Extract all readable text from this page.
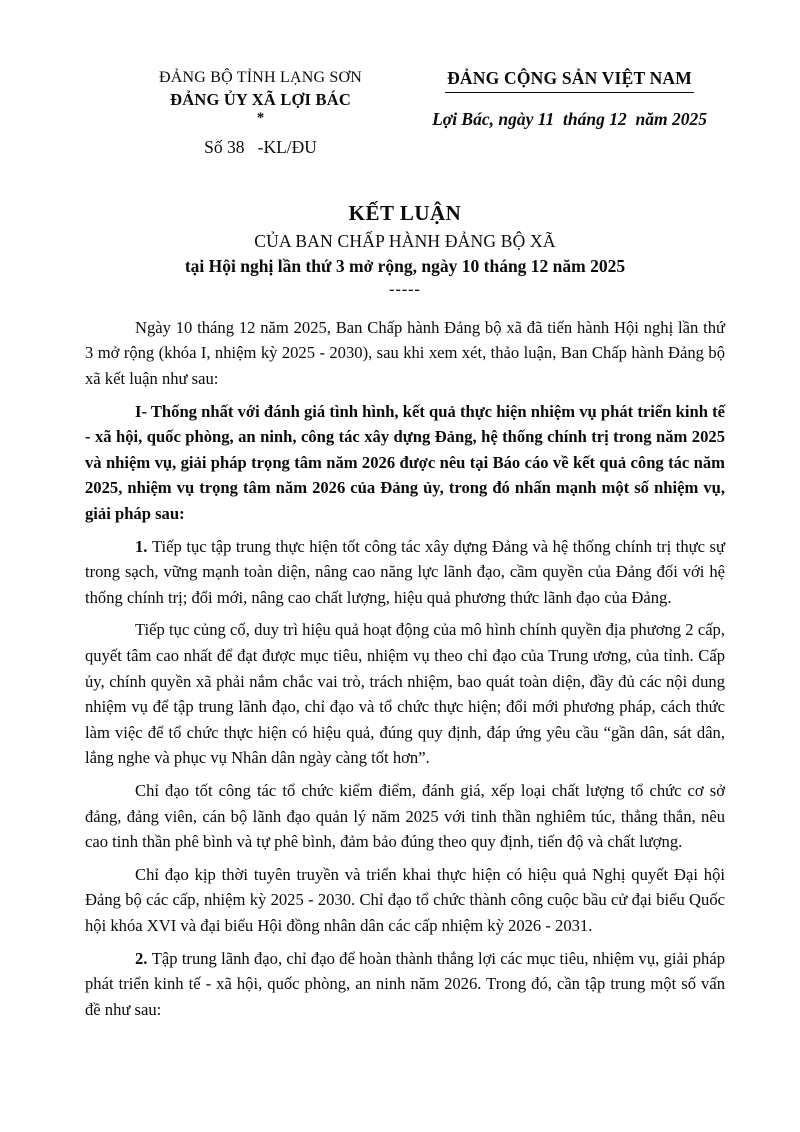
ĐẢNG BỘ TỈNH LẠNG SƠN
ĐẢNG ỦY XÃ LỢI BÁC
*
Số 38   -KL/ĐU
ĐẢNG CỘNG SẢN VIỆT NAM
Lợi Bác, ngày 11  tháng 12  năm 2025
KẾT LUẬN
CỦA BAN CHẤP HÀNH ĐẢNG BỘ XÃ
tại Hội nghị lần thứ 3 mở rộng, ngày 10 tháng 12 năm 2025
-----

Ngày 10 tháng 12 năm 2025, Ban Chấp hành Đảng bộ xã đã tiến hành Hội nghị lần thứ 3 mở rộng (khóa I, nhiệm kỳ 2025 - 2030), sau khi xem xét, thảo luận, Ban Chấp hành Đảng bộ xã kết luận như sau:

I- Thống nhất với đánh giá tình hình, kết quả thực hiện nhiệm vụ phát triển kinh tế - xã hội, quốc phòng, an ninh, công tác xây dựng Đảng, hệ thống chính trị trong năm 2025 và nhiệm vụ, giải pháp trọng tâm năm 2026 được nêu tại Báo cáo về kết quả công tác năm 2025, nhiệm vụ trọng tâm năm 2026 của Đảng ủy, trong đó nhấn mạnh một số nhiệm vụ, giải pháp sau:

1. Tiếp tục tập trung thực hiện tốt công tác xây dựng Đảng và hệ thống chính trị thực sự trong sạch, vững mạnh toàn diện, nâng cao năng lực lãnh đạo, cầm quyền của Đảng đối với hệ thống chính trị; đổi mới, nâng cao chất lượng, hiệu quả phương thức lãnh đạo của Đảng.

Tiếp tục củng cố, duy trì hiệu quả hoạt động của mô hình chính quyền địa phương 2 cấp, quyết tâm cao nhất để đạt được mục tiêu, nhiệm vụ theo chỉ đạo của Trung ương, của tỉnh. Cấp ủy, chính quyền xã phải nắm chắc vai trò, trách nhiệm, bao quát toàn diện, đầy đủ các nội dung nhiệm vụ để tập trung lãnh đạo, chỉ đạo và tổ chức thực hiện; đổi mới phương pháp, cách thức làm việc để tổ chức thực hiện có hiệu quả, đúng quy định, đáp ứng yêu cầu “gần dân, sát dân, lắng nghe và phục vụ Nhân dân ngày càng tốt hơn”.

Chỉ đạo tốt công tác tổ chức kiểm điểm, đánh giá, xếp loại chất lượng tổ chức cơ sở đảng, đảng viên, cán bộ lãnh đạo quản lý năm 2025 với tinh thần nghiêm túc, thẳng thắn, nêu cao tinh thần phê bình và tự phê bình, đảm bảo đúng theo quy định, tiến độ và chất lượng.

Chỉ đạo kịp thời tuyên truyền và triển khai thực hiện có hiệu quả Nghị quyết Đại hội Đảng bộ các cấp, nhiệm kỳ 2025 - 2030. Chỉ đạo tổ chức thành công cuộc bầu cử đại biểu Quốc hội khóa XVI và đại biểu Hội đồng nhân dân các cấp nhiệm kỳ 2026 - 2031.

2. Tập trung lãnh đạo, chỉ đạo để hoàn thành thắng lợi các mục tiêu, nhiệm vụ, giải pháp phát triển kinh tế - xã hội, quốc phòng, an ninh năm 2026. Trong đó, cần tập trung một số vấn đề như sau:
